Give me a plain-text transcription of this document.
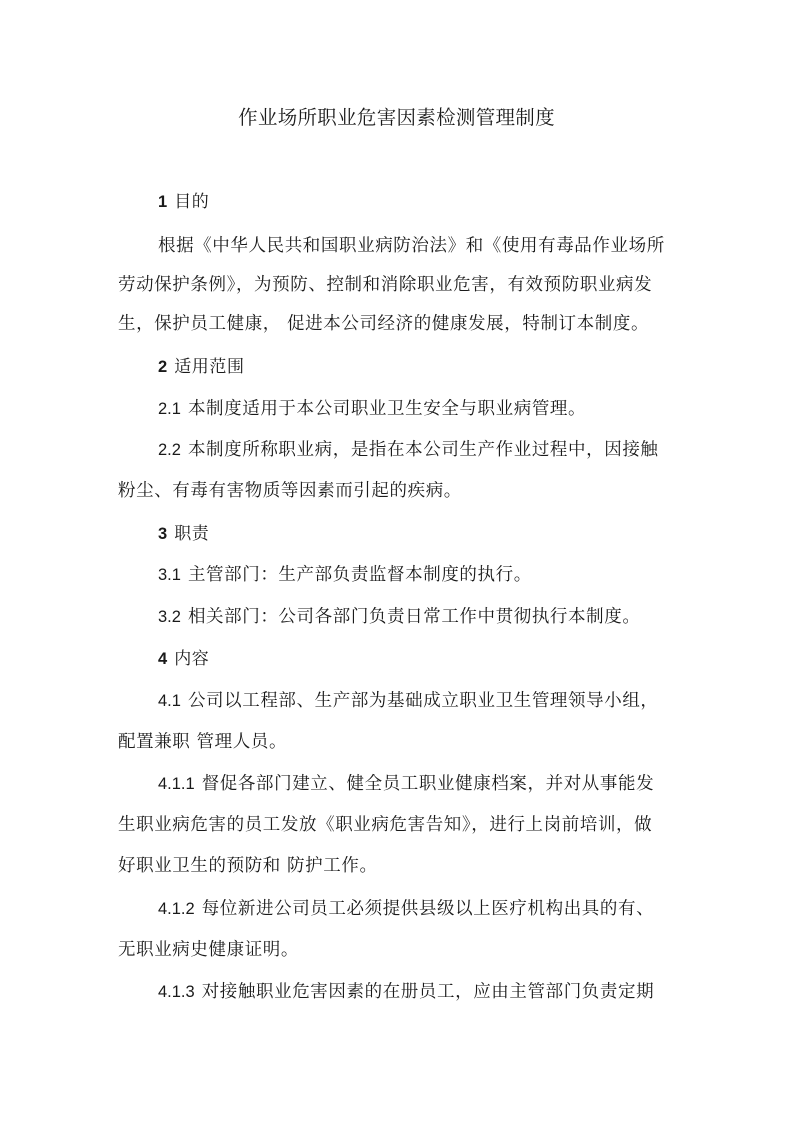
作业场所职业危害因素检测管理制度
1 目的
根据《中华人民共和国职业病防治法》和《使用有毒品作业场所
劳动保护条例》，为预防、控制和消除职业危害，有效预防职业病发
生，保护员工健康， 促进本公司经济的健康发展，特制订本制度。
2 适用范围
2.1 本制度适用于本公司职业卫生安全与职业病管理。
2.2 本制度所称职业病，是指在本公司生产作业过程中，因接触
粉尘、有毒有害物质等因素而引起的疾病。
3 职责
3.1 主管部门：生产部负责监督本制度的执行。
3.2 相关部门：公司各部门负责日常工作中贯彻执行本制度。
4 内容
4.1 公司以工程部、生产部为基础成立职业卫生管理领导小组，
配置兼职 管理人员。
4.1.1 督促各部门建立、健全员工职业健康档案，并对从事能发
生职业病危害的员工发放《职业病危害告知》，进行上岗前培训，做
好职业卫生的预防和 防护工作。
4.1.2 每位新进公司员工必须提供县级以上医疗机构出具的有、
无职业病史健康证明。
4.1.3 对接触职业危害因素的在册员工，应由主管部门负责定期
